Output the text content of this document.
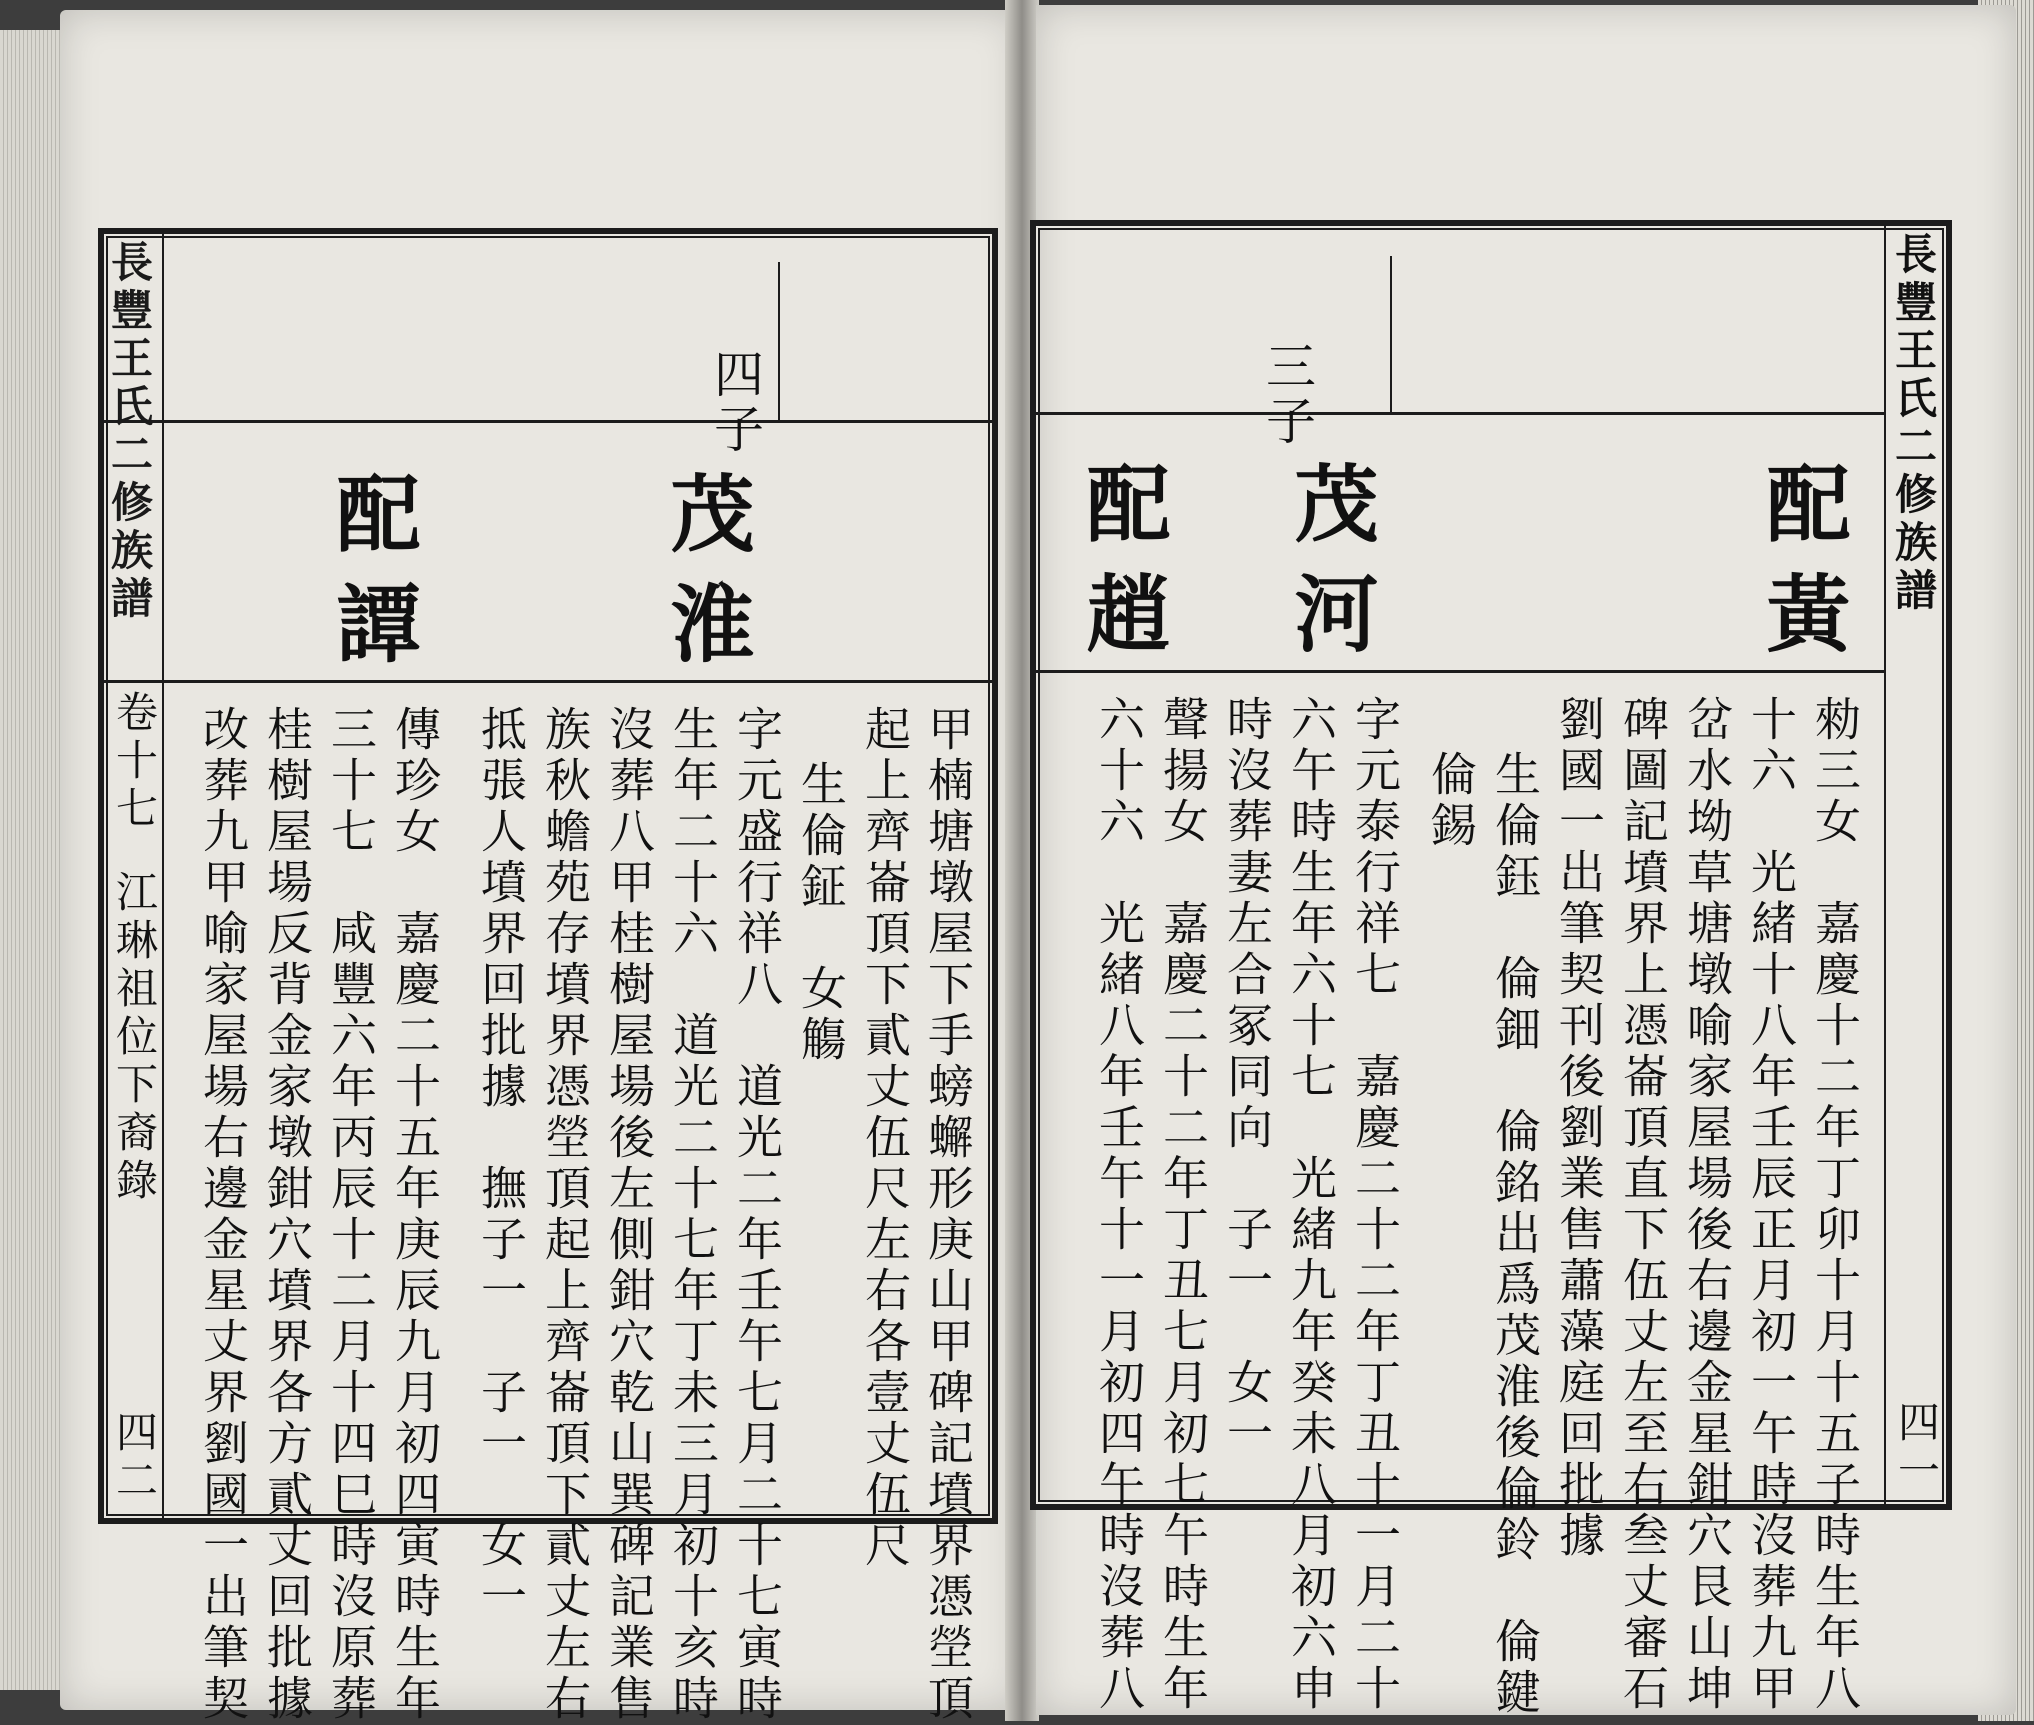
長豐王氏二修族譜
卷十七
江琳祖位下裔錄
四二
四子
茂淮
配譚
甲楠塘墩屋下手螃蠏形庚山甲碑記墳界憑塋頂
起上齊崙頂下貳丈伍尺左右各壹丈伍尺
生倫鉦　女觴
字元盛行祥八　道光二年壬午七月二十七寅時
生年二十六　道光二十七年丁未三月初十亥時
沒葬八甲桂樹屋場後左側鉗穴乾山巽碑記業售
族秋蟾苑存墳界憑塋頂起上齊崙頂下貳丈左右
抵張人墳界回批據　撫子一　子一　女一
傳珍女　嘉慶二十五年庚辰九月初四寅時生年
三十七　咸豐六年丙辰十二月十四巳時沒原葬
桂樹屋場反背金家墩鉗穴墳界各方貳丈回批據
改葬九甲喻家屋場右邊金星丈界劉國一出筆契
長豐王氏二修族譜
四一
三子
配黃
茂河
配趙
勑三女　嘉慶十二年丁卯十月十五子時生年八
十六　光緒十八年壬辰正月初一午時沒葬九甲
岔水坳草塘墩喻家屋場後右邊金星鉗穴艮山坤
碑圖記墳界上憑崙頂直下伍丈左至右叁丈審石
劉國一出筆契刊後劉業售蕭藻庭回批據
生倫鈺　倫鈿　倫銘出爲茂淮後倫鈴　倫鍵
倫錫
字元泰行祥七　嘉慶二十二年丁丑十一月二十
六午時生年六十七　光緒九年癸未八月初六申
時沒葬妻左合冢同向　子一　女一
聲揚女　嘉慶二十二年丁丑七月初七午時生年
六十六　光緒八年壬午十一月初四午時沒葬八
